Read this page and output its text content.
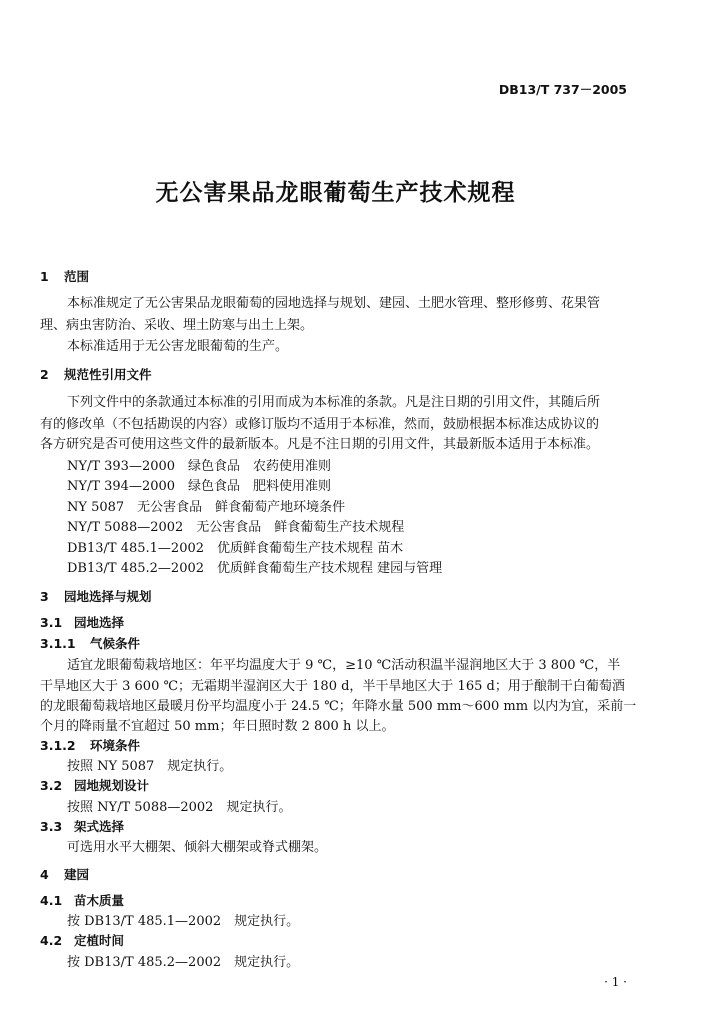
DB13/T 737－2005
无公害果品龙眼葡萄生产技术规程
1 范围
本标准规定了无公害果品龙眼葡萄的园地选择与规划、建园、土肥水管理、整形修剪、花果管
理、病虫害防治、采收、埋土防寒与出土上架。
本标准适用于无公害龙眼葡萄的生产。
2 规范性引用文件
下列文件中的条款通过本标准的引用而成为本标准的条款。凡是注日期的引用文件，其随后所
有的修改单（不包括勘误的内容）或修订版均不适用于本标准，然而，鼓励根据本标准达成协议的
各方研究是否可使用这些文件的最新版本。凡是不注日期的引用文件，其最新版本适用于本标准。
NY/T 393—2000　绿色食品　农药使用准则
NY/T 394—2000　绿色食品　肥料使用准则
NY 5087　无公害食品　鲜食葡萄产地环境条件
NY/T 5088—2002　无公害食品　鲜食葡萄生产技术规程
DB13/T 485.1—2002　优质鲜食葡萄生产技术规程 苗木
DB13/T 485.2—2002　优质鲜食葡萄生产技术规程 建园与管理
3 园地选择与规划
3.1 园地选择
3.1.1 气候条件
适宜龙眼葡萄栽培地区：年平均温度大于 9 ℃，≥10 ℃活动积温半湿润地区大于 3 800 ℃，半
干旱地区大于 3 600 ℃；无霜期半湿润区大于 180 d，半干旱地区大于 165 d；用于酿制干白葡萄酒
的龙眼葡萄栽培地区最暖月份平均温度小于 24.5 ℃；年降水量 500 mm～600 mm 以内为宜，采前一
个月的降雨量不宜超过 50 mm；年日照时数 2 800 h 以上。
3.1.2 环境条件
按照 NY 5087　规定执行。
3.2 园地规划设计
按照 NY/T 5088—2002　规定执行。
3.3 架式选择
可选用水平大棚架、倾斜大棚架或脊式棚架。
4 建园
4.1 苗木质量
按 DB13/T 485.1—2002　规定执行。
4.2 定植时间
按 DB13/T 485.2—2002　规定执行。
· 1 ·
